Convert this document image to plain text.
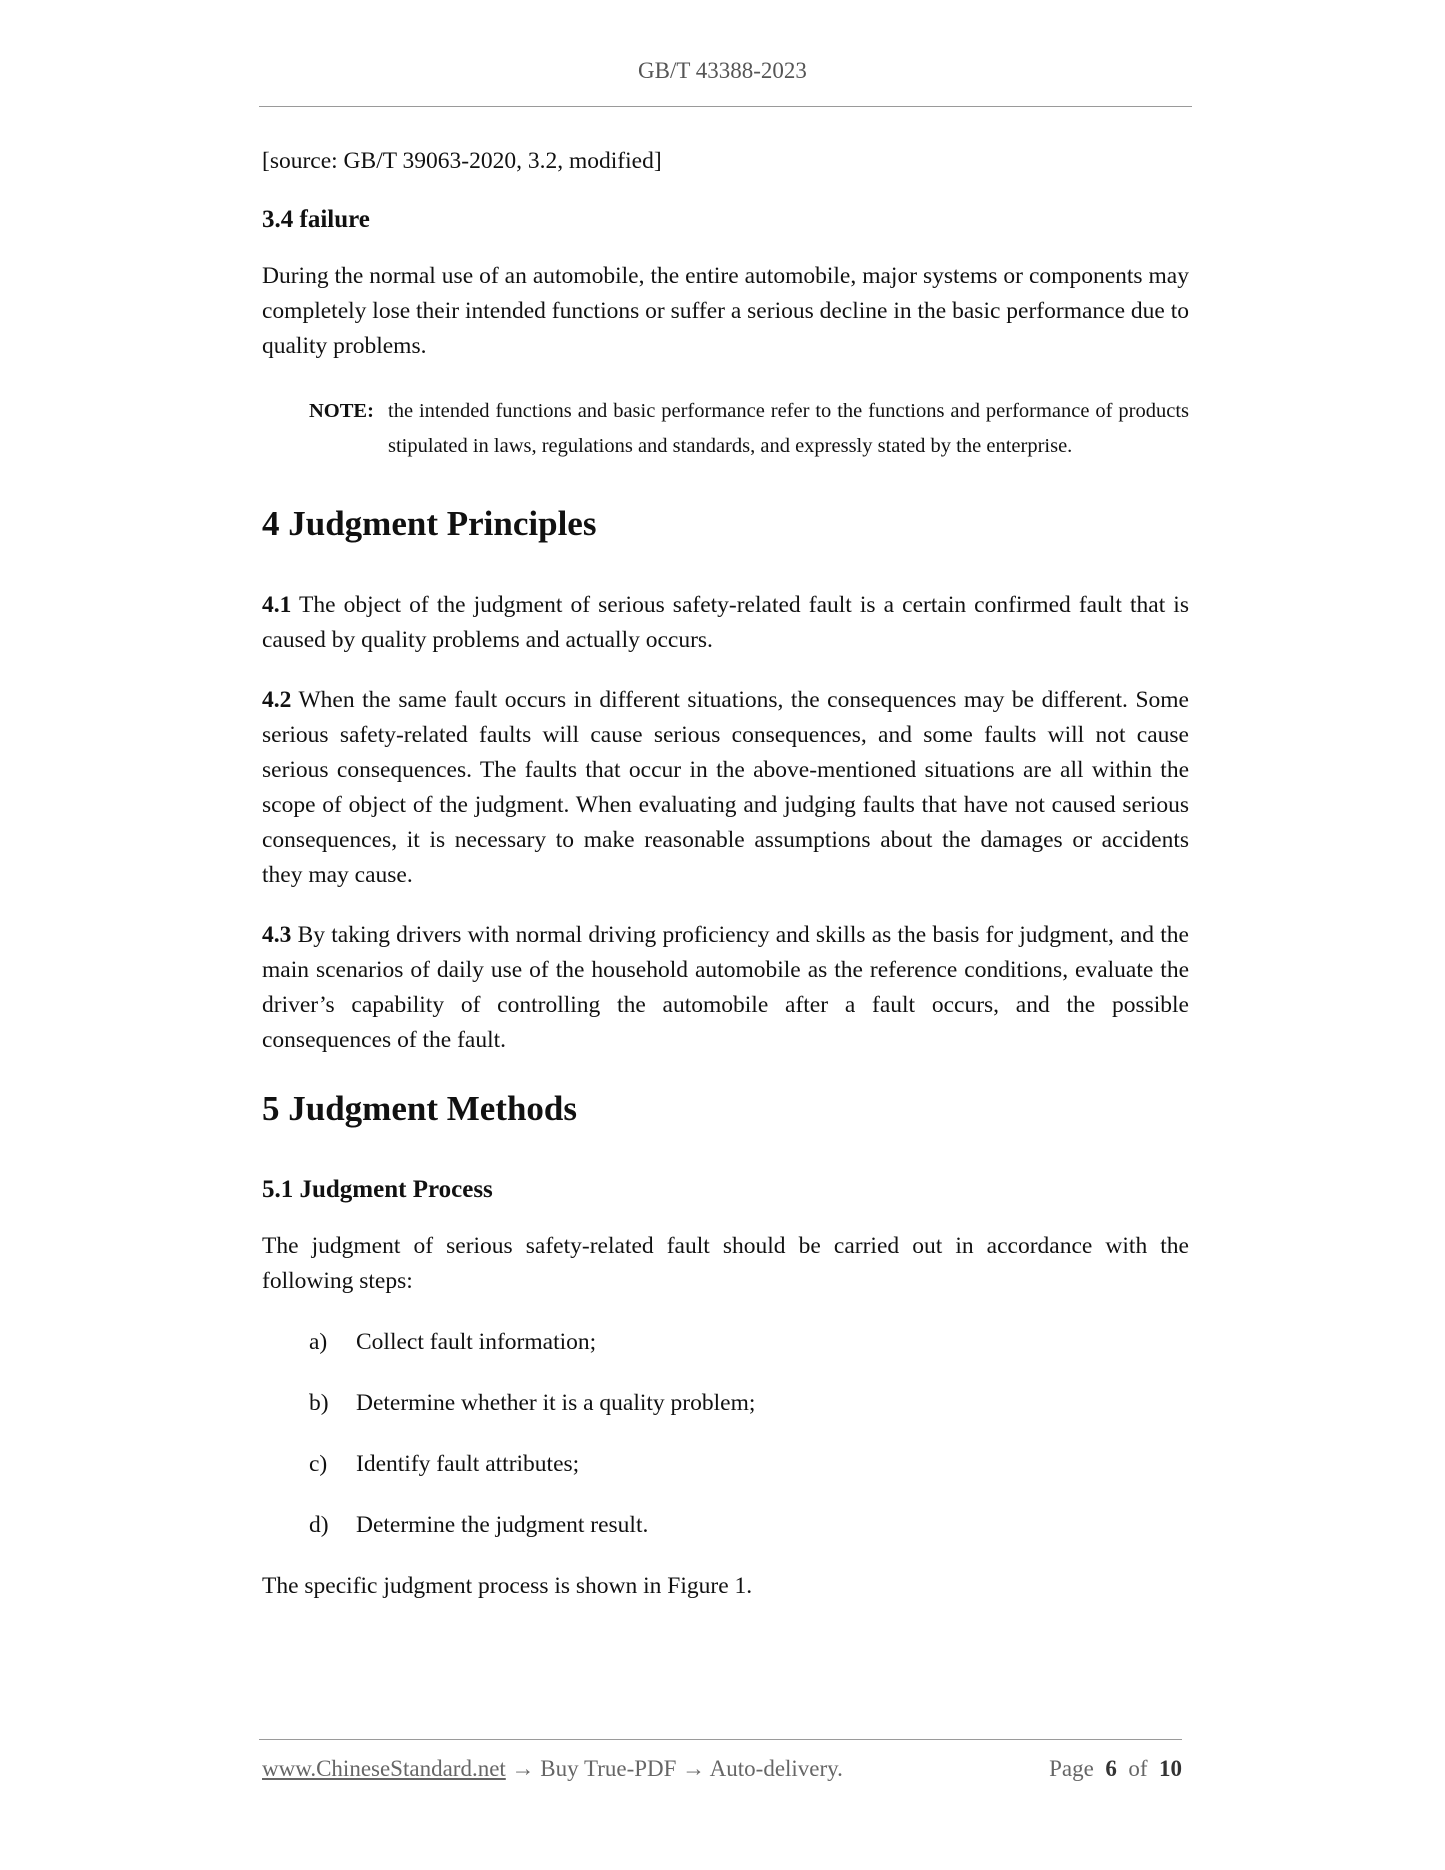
GB/T 43388-2023

[source: GB/T 39063-2020, 3.2, modified]

3.4 failure

During the normal use of an automobile, the entire automobile, major systems or components may completely lose their intended functions or suffer a serious decline in the basic performance due to quality problems.

NOTE: the intended functions and basic performance refer to the functions and performance of products stipulated in laws, regulations and standards, and expressly stated by the enterprise.
4 Judgment Principles

4.1 The object of the judgment of serious safety-related fault is a certain confirmed fault that is caused by quality problems and actually occurs.

4.2 When the same fault occurs in different situations, the consequences may be different. Some serious safety-related faults will cause serious consequences, and some faults will not cause serious consequences. The faults that occur in the above-mentioned situations are all within the scope of object of the judgment. When evaluating and judging faults that have not caused serious consequences, it is necessary to make reasonable assumptions about the damages or accidents they may cause.

4.3 By taking drivers with normal driving proficiency and skills as the basis for judgment, and the main scenarios of daily use of the household automobile as the reference conditions, evaluate the driver’s capability of controlling the automobile after a fault occurs, and the possible consequences of the fault.

5 Judgment Methods
5.1 Judgment Process

The judgment of serious safety-related fault should be carried out in accordance with the following steps:

a) Collect fault information;
b) Determine whether it is a quality problem;
c) Identify fault attributes;
d) Determine the judgment result.

The specific judgment process is shown in Figure 1.

www.ChineseStandard.net → Buy True-PDF → Auto-delivery.	Page 6 of 10
